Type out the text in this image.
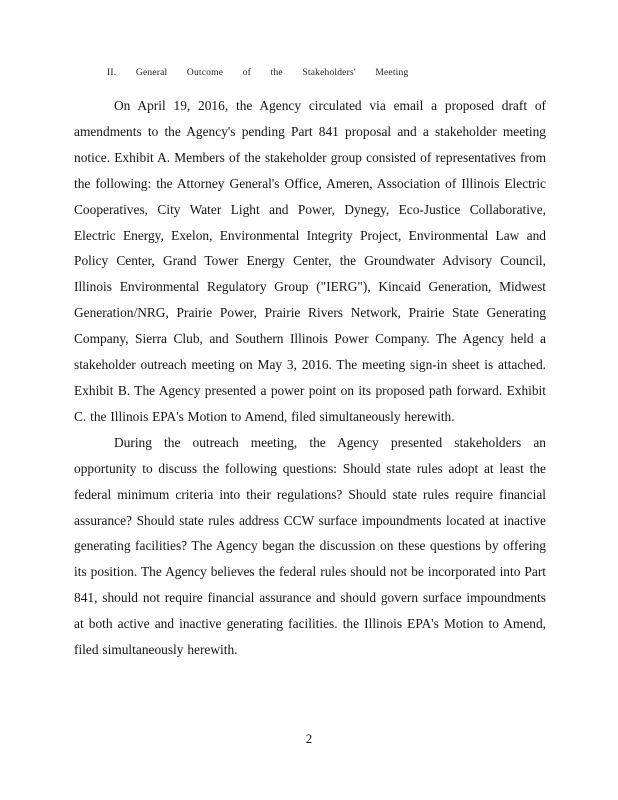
II. General Outcome of the Stakeholders' Meeting

On April 19, 2016, the Agency circulated via email a proposed draft of amendments to the Agency's pending Part 841 proposal and a stakeholder meeting notice. Exhibit A. Members of the stakeholder group consisted of representatives from the following: the Attorney General's Office, Ameren, Association of Illinois Electric Cooperatives, City Water Light and Power, Dynegy, Eco-Justice Collaborative, Electric Energy, Exelon, Environmental Integrity Project, Environmental Law and Policy Center, Grand Tower Energy Center, the Groundwater Advisory Council, Illinois Environmental Regulatory Group ("IERG"), Kincaid Generation, Midwest Generation/NRG, Prairie Power, Prairie Rivers Network, Prairie State Generating Company, Sierra Club, and Southern Illinois Power Company. The Agency held a stakeholder outreach meeting on May 3, 2016. The meeting sign-in sheet is attached. Exhibit B. The Agency presented a power point on its proposed path forward. Exhibit C. the Illinois EPA's Motion to Amend, filed simultaneously herewith.

During the outreach meeting, the Agency presented stakeholders an opportunity to discuss the following questions: Should state rules adopt at least the federal minimum criteria into their regulations? Should state rules require financial assurance? Should state rules address CCW surface impoundments located at inactive generating facilities? The Agency began the discussion on these questions by offering its position. The Agency believes the federal rules should not be incorporated into Part 841, should not require financial assurance and should govern surface impoundments at both active and inactive generating facilities. the Illinois EPA's Motion to Amend, filed simultaneously herewith.

2
